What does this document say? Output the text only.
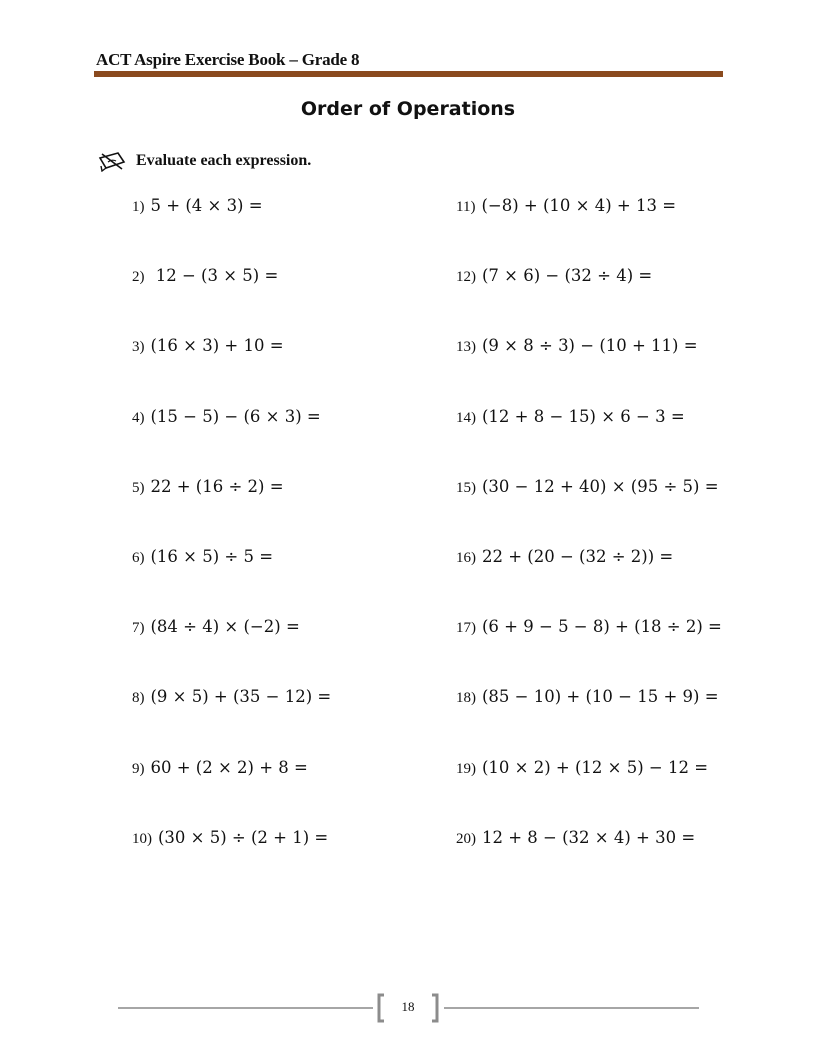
ACT Aspire Exercise Book – Grade 8
Order of Operations
Evaluate each expression.
1) 5 + (4 × 3) =
2) 12 − (3 × 5) =
3) (16 × 3) + 10 =
4) (15 − 5) − (6 × 3) =
5) 22 + (16 ÷ 2) =
6) (16 × 5) ÷ 5 =
7) (84 ÷ 4) × (−2) =
8) (9 × 5) + (35 − 12) =
9) 60 + (2 × 2) + 8 =
10) (30 × 5) ÷ (2 + 1) =
11) (−8) + (10 × 4) + 13 =
12) (7 × 6) − (32 ÷ 4) =
13) (9 × 8 ÷ 3) − (10 + 11) =
14) (12 + 8 − 15) × 6 − 3 =
15) (30 − 12 + 40) × (95 ÷ 5) =
16) 22 + (20 − (32 ÷ 2)) =
17) (6 + 9 − 5 − 8) + (18 ÷ 2) =
18) (85 − 10) + (10 − 15 + 9) =
19) (10 × 2) + (12 × 5) − 12 =
20) 12 + 8 − (32 × 4) + 30 =
18
